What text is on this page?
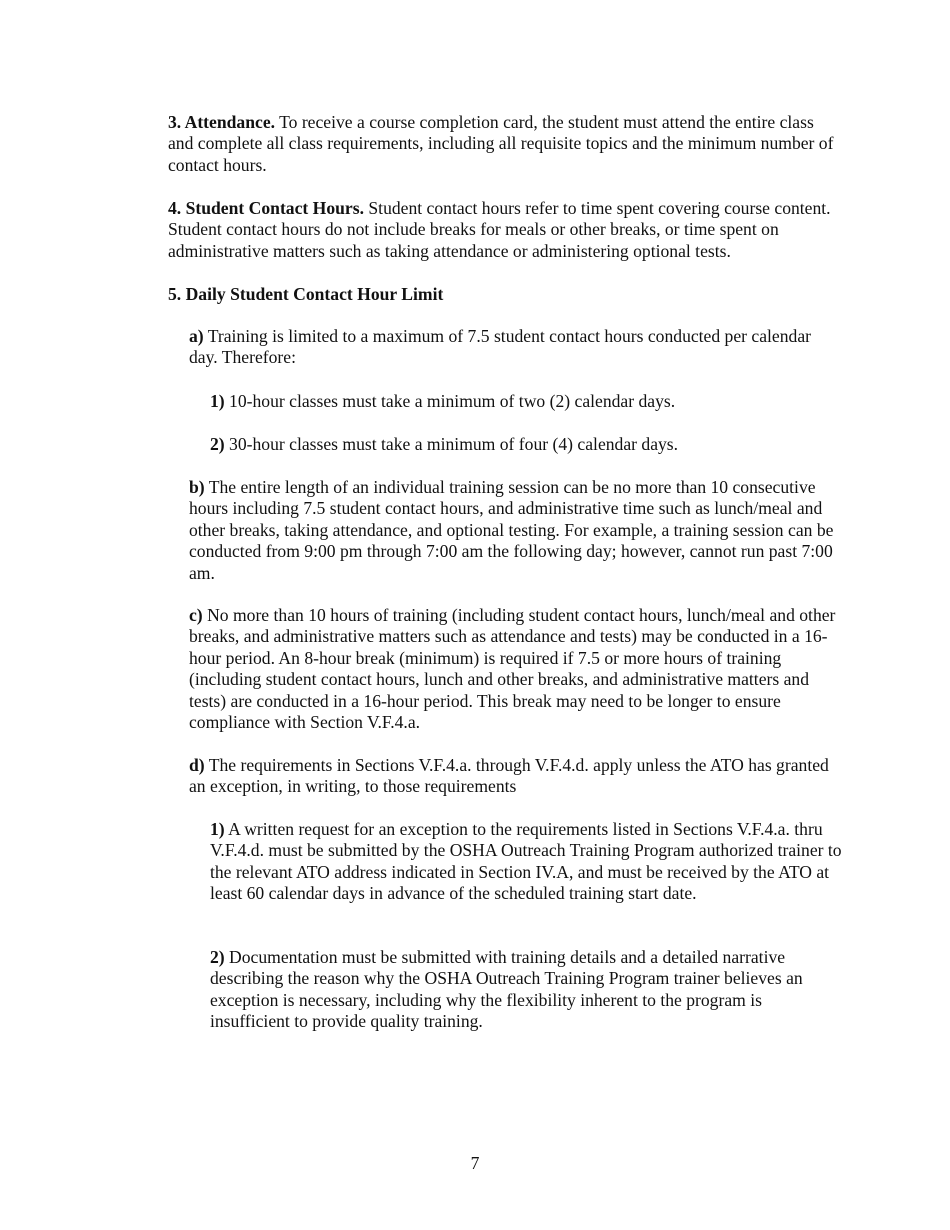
3. Attendance. To receive a course completion card, the student must attend the entire class and complete all class requirements, including all requisite topics and the minimum number of contact hours.

4. Student Contact Hours. Student contact hours refer to time spent covering course content. Student contact hours do not include breaks for meals or other breaks, or time spent on administrative matters such as taking attendance or administering optional tests.

5. Daily Student Contact Hour Limit

a) Training is limited to a maximum of 7.5 student contact hours conducted per calendar day. Therefore:

1) 10-hour classes must take a minimum of two (2) calendar days.

2) 30-hour classes must take a minimum of four (4) calendar days.

b) The entire length of an individual training session can be no more than 10 consecutive hours including 7.5 student contact hours, and administrative time such as lunch/meal and other breaks, taking attendance, and optional testing. For example, a training session can be conducted from 9:00 pm through 7:00 am the following day; however, cannot run past 7:00 am.

c) No more than 10 hours of training (including student contact hours, lunch/meal and other breaks, and administrative matters such as attendance and tests) may be conducted in a 16-hour period. An 8-hour break (minimum) is required if 7.5 or more hours of training (including student contact hours, lunch and other breaks, and administrative matters and tests) are conducted in a 16-hour period. This break may need to be longer to ensure compliance with Section V.F.4.a.

d) The requirements in Sections V.F.4.a. through V.F.4.d. apply unless the ATO has granted an exception, in writing, to those requirements

1) A written request for an exception to the requirements listed in Sections V.F.4.a. thru V.F.4.d. must be submitted by the OSHA Outreach Training Program authorized trainer to the relevant ATO address indicated in Section IV.A, and must be received by the ATO at least 60 calendar days in advance of the scheduled training start date.

2) Documentation must be submitted with training details and a detailed narrative describing the reason why the OSHA Outreach Training Program trainer believes an exception is necessary, including why the flexibility inherent to the program is insufficient to provide quality training.

7
